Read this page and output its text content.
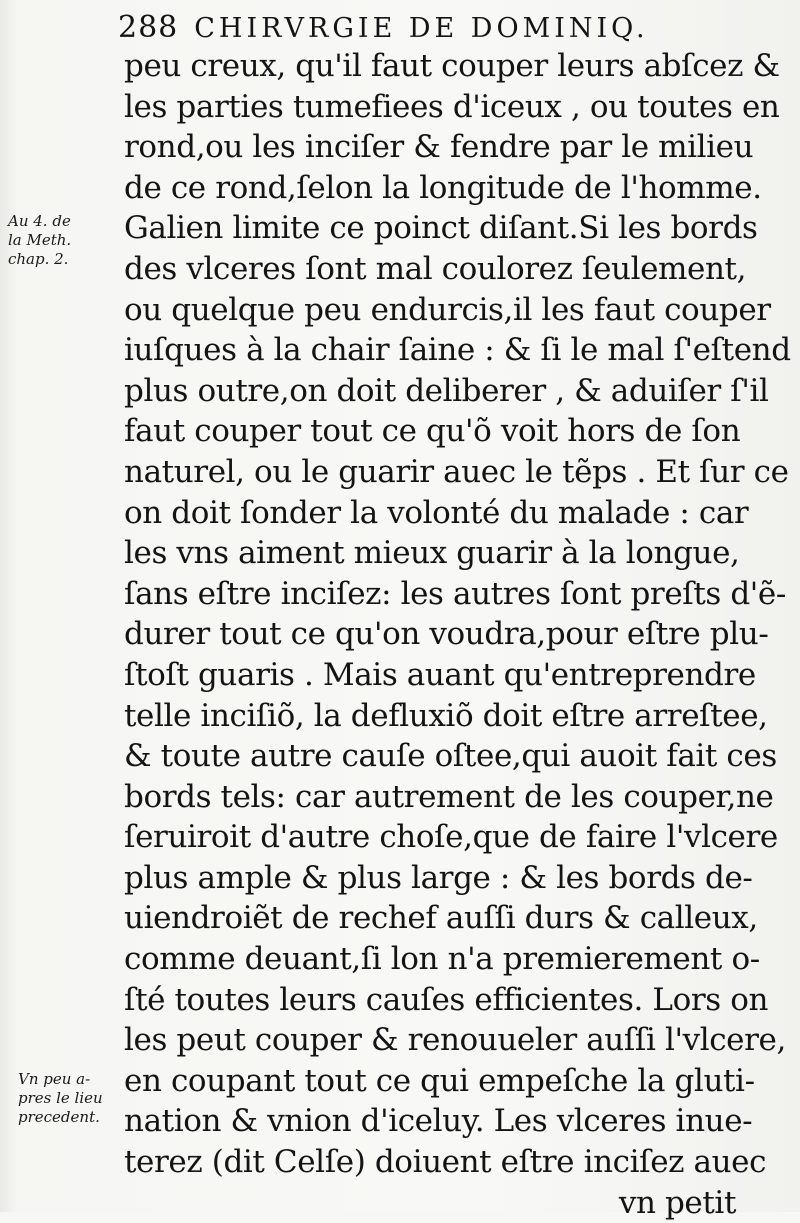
288 CHIRVRGIE DE DOMINIQ.
Au 4. de
la Meth.
chap. 2.
Vn peu a-
pres le lieu
precedent.
peu creux, qu'il faut couper leurs abſcez &
les parties tumefiees d'iceux , ou toutes en
rond,ou les inciſer & fendre par le milieu
de ce rond,ſelon la longitude de l'homme.
Galien limite ce poinct diſant.Si les bords
des vlceres ſont mal coulorez ſeulement,
ou quelque peu endurcis,il les faut couper
iuſques à la chair ſaine : & ſi le mal ſ'eſtend
plus outre,on doit deliberer , & aduiſer ſ'il
faut couper tout ce qu'õ voit hors de ſon
naturel, ou le guarir auec le tẽps . Et ſur ce
on doit ſonder la volonté du malade : car
les vns aiment mieux guarir à la longue,
ſans eſtre inciſez: les autres ſont preſts d'ẽ-
durer tout ce qu'on voudra,pour eſtre plu-
ſtoſt guaris . Mais auant qu'entreprendre
telle inciſiõ, la defluxiõ doit eſtre arreſtee,
& toute autre cauſe oſtee,qui auoit fait ces
bords tels: car autrement de les couper,ne
ſeruiroit d'autre choſe,que de faire l'vlcere
plus ample & plus large : & les bords de-
uiendroiẽt de rechef auſſi durs & calleux,
comme deuant,ſi lon n'a premierement o-
ſté toutes leurs cauſes efficientes. Lors on
les peut couper & renouueler auſſi l'vlcere,
en coupant tout ce qui empeſche la gluti-
nation & vnion d'iceluy. Les vlceres inue-
terez (dit Celſe) doiuent eſtre inciſez auec
vn petit
